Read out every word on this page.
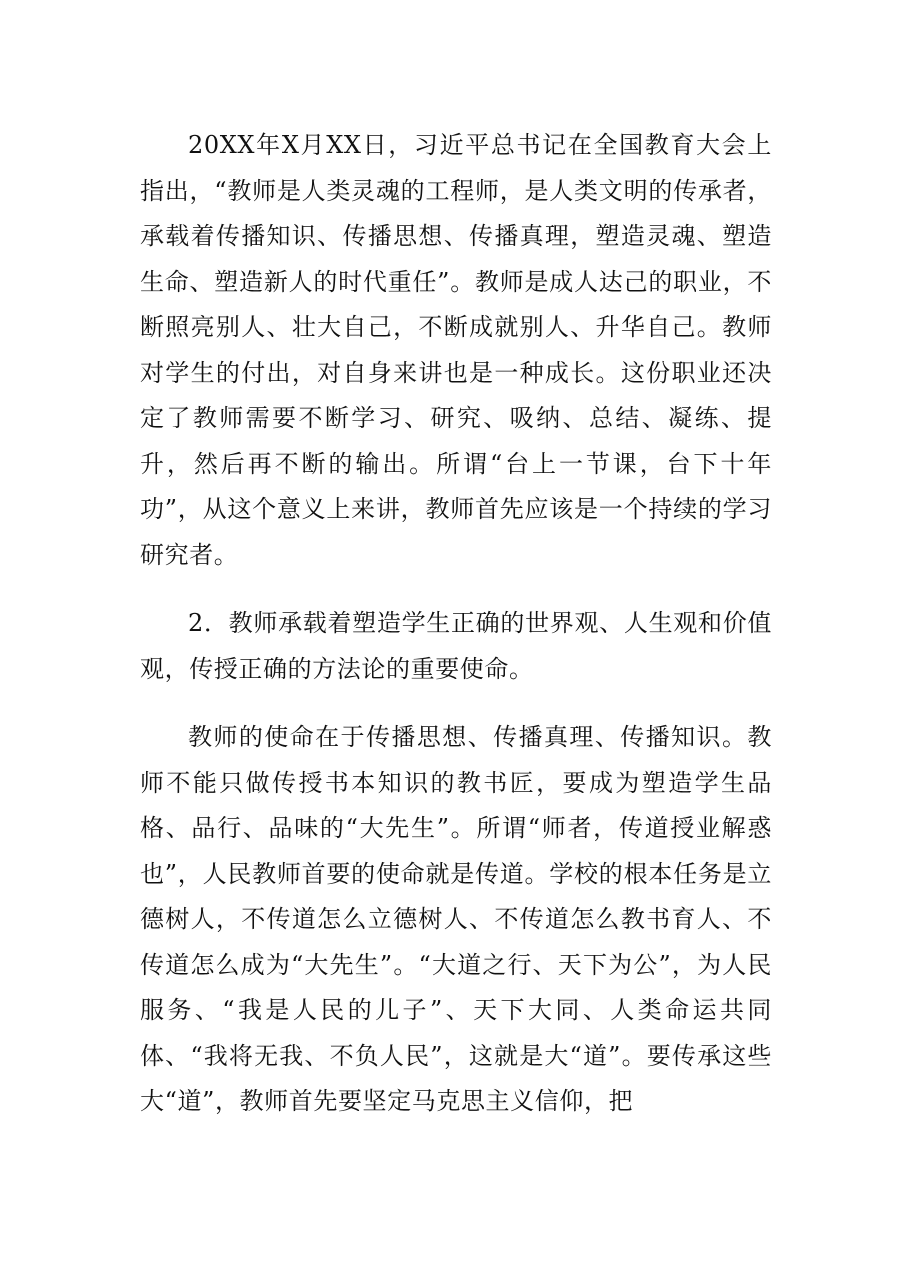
20XX年X月XX日，习近平总书记在全国教育大会上指出，“教师是人类灵魂的工程师，是人类文明的传承者，承载着传播知识、传播思想、传播真理，塑造灵魂、塑造生命、塑造新人的时代重任”。教师是成人达己的职业，不断照亮别人、壮大自己，不断成就别人、升华自己。教师对学生的付出，对自身来讲也是一种成长。这份职业还决定了教师需要不断学习、研究、吸纳、总结、凝练、提升，然后再不断的输出。所谓“台上一节课，台下十年功”，从这个意义上来讲，教师首先应该是一个持续的学习研究者。

2．教师承载着塑造学生正确的世界观、人生观和价值观，传授正确的方法论的重要使命。

教师的使命在于传播思想、传播真理、传播知识。教师不能只做传授书本知识的教书匠，要成为塑造学生品格、品行、品味的“大先生”。所谓“师者，传道授业解惑也”，人民教师首要的使命就是传道。学校的根本任务是立德树人，不传道怎么立德树人、不传道怎么教书育人、不传道怎么成为“大先生”。“大道之行、天下为公”，为人民服务、“我是人民的儿子”、天下大同、人类命运共同体、“我将无我、不负人民”，这就是大“道”。要传承这些大“道”，教师首先要坚定马克思主义信仰，把
